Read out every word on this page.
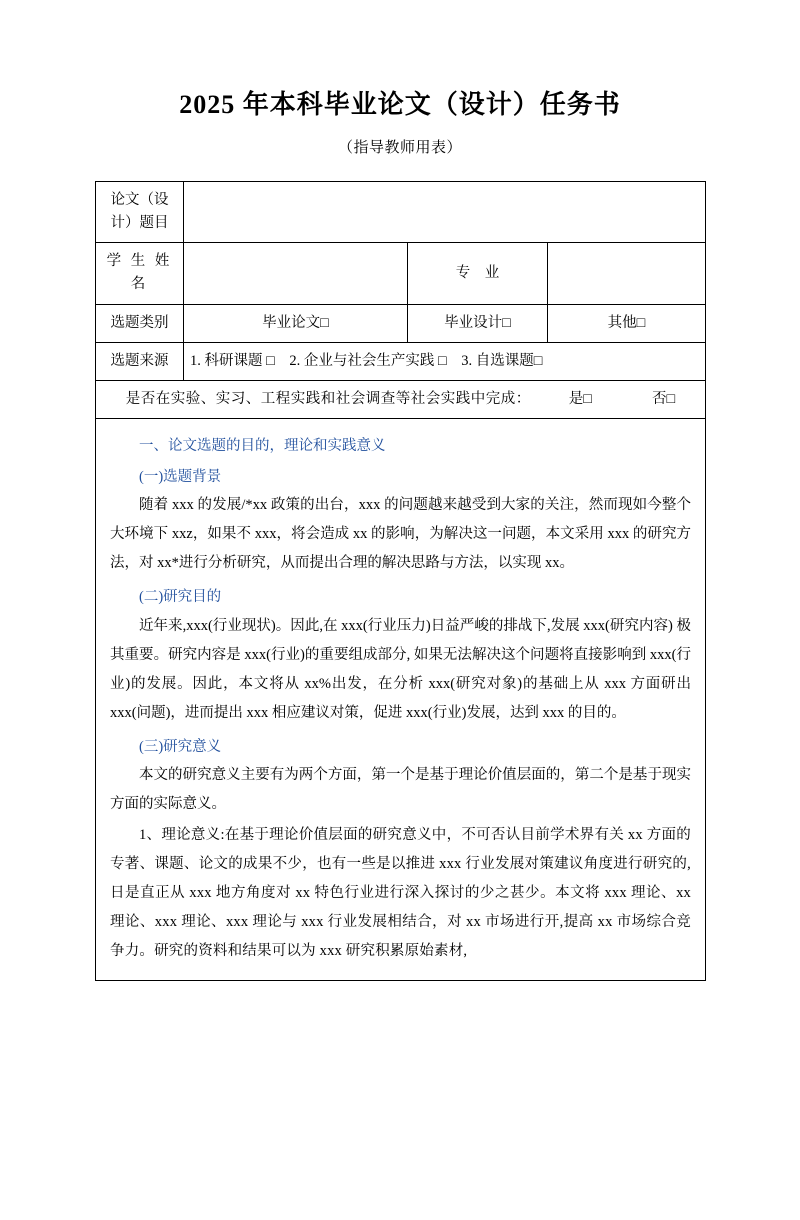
2025 年本科毕业论文（设计）任务书
（指导教师用表）
论文（设计）题目			
学 生 姓 名		专　业	
选题类别	毕业论文□	毕业设计□	其他□
选题来源	1. 科研课题 □　2. 企业与社会生产实践 □　3. 自选课题□		
是否在实验、实习、工程实践和社会调查等社会实践中完成： 是□ 否□			

一、论文选题的目的，理论和实践意义
(一)选题背景
随着 xxx 的发展/*xx 政策的出台，xxx 的问题越来越受到大家的关注，然而现如今整个大环境下 xxz，如果不 xxx，将会造成 xx 的影响，为解决这一问题，本文采用 xxx 的研究方法，对 xx*进行分析研究，从而提出合理的解决思路与方法，以实现 xx。
(二)研究目的
近年来,xxx(行业现状)。因此,在 xxx(行业压力)日益严峻的排战下,发展 xxx(研究内容) 极其重要。研究内容是 xxx(行业)的重要组成部分, 如果无法解决这个问题将直接影响到 xxx(行业)的发展。因此，本文将从 xx%出发，在分析 xxx(研究对象)的基础上从 xxx 方面研出 xxx(问题)，进而提出 xxx 相应建议对策，促进 xxx(行业)发展，达到 xxx 的目的。
(三)研究意义
本文的研究意义主要有为两个方面，第一个是基于理论价值层面的，第二个是基于现实方面的实际意义。
1、理论意义:在基于理论价值层面的研究意义中，不可否认目前学术界有关 xx 方面的专著、课题、论文的成果不少，也有一些是以推进 xxx 行业发展对策建议角度进行研究的,日是直正从 xxx 地方角度对 xx 特色行业进行深入探讨的少之甚少。本文将 xxx 理论、xx 理论、xxx 理论、xxx 理论与 xxx 行业发展相结合，对 xx 市场进行开,提高 xx 市场综合竞争力。研究的资料和结果可以为 xxx 研究积累原始素材,
